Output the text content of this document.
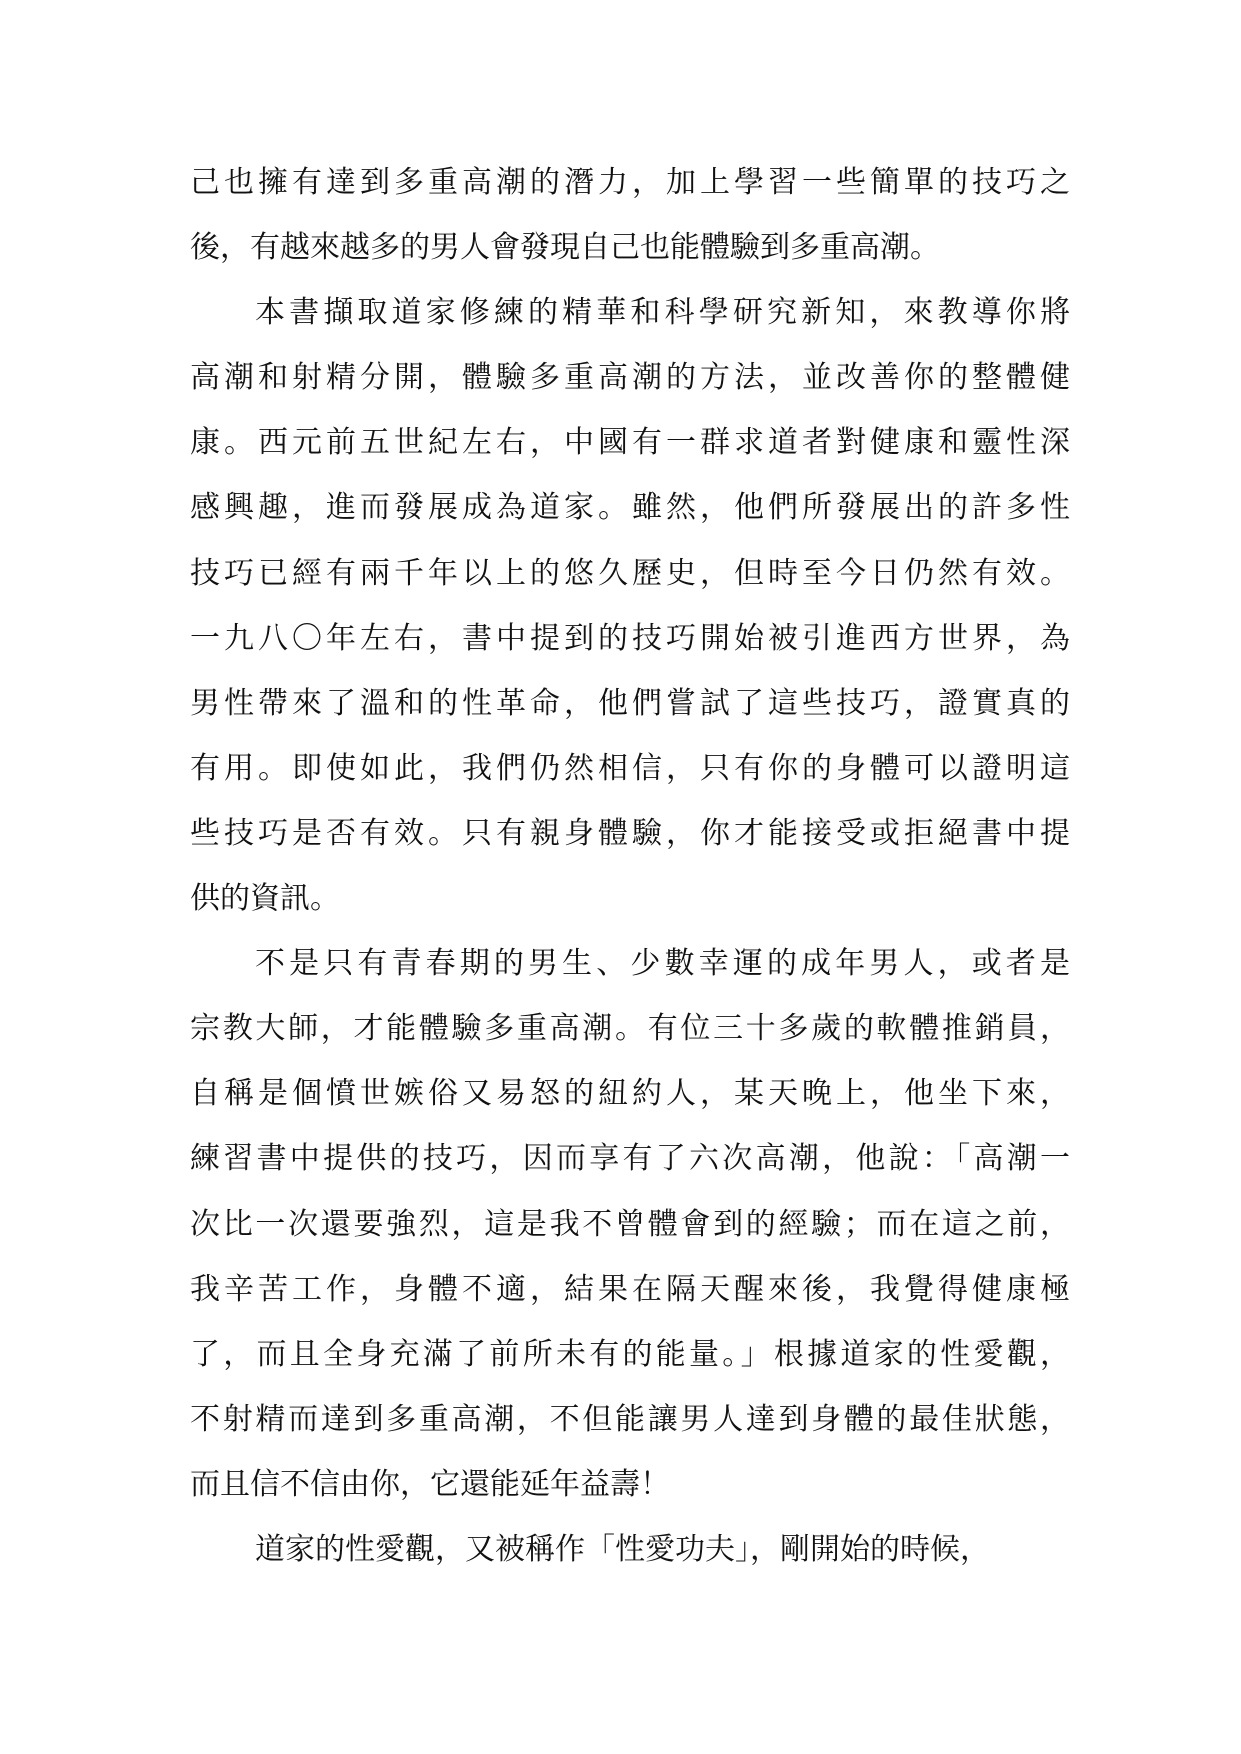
己也擁有達到多重高潮的潛力，加上學習一些簡單的技巧之
後，有越來越多的男人會發現自己也能體驗到多重高潮。
本書擷取道家修練的精華和科學研究新知，來教導你將
高潮和射精分開，體驗多重高潮的方法，並改善你的整體健
康。西元前五世紀左右，中國有一群求道者對健康和靈性深
感興趣，進而發展成為道家。雖然，他們所發展出的許多性
技巧已經有兩千年以上的悠久歷史，但時至今日仍然有效。
一九八〇年左右，書中提到的技巧開始被引進西方世界，為
男性帶來了溫和的性革命，他們嘗試了這些技巧，證實真的
有用。即使如此，我們仍然相信，只有你的身體可以證明這
些技巧是否有效。只有親身體驗，你才能接受或拒絕書中提
供的資訊。
不是只有青春期的男生、少數幸運的成年男人，或者是
宗教大師，才能體驗多重高潮。有位三十多歲的軟體推銷員，
自稱是個憤世嫉俗又易怒的紐約人，某天晚上，他坐下來，
練習書中提供的技巧，因而享有了六次高潮，他說：「高潮一
次比一次還要強烈，這是我不曾體會到的經驗；而在這之前，
我辛苦工作，身體不適，結果在隔天醒來後，我覺得健康極
了，而且全身充滿了前所未有的能量。」根據道家的性愛觀，
不射精而達到多重高潮，不但能讓男人達到身體的最佳狀態，
而且信不信由你，它還能延年益壽！
道家的性愛觀，又被稱作「性愛功夫」，剛開始的時候，
